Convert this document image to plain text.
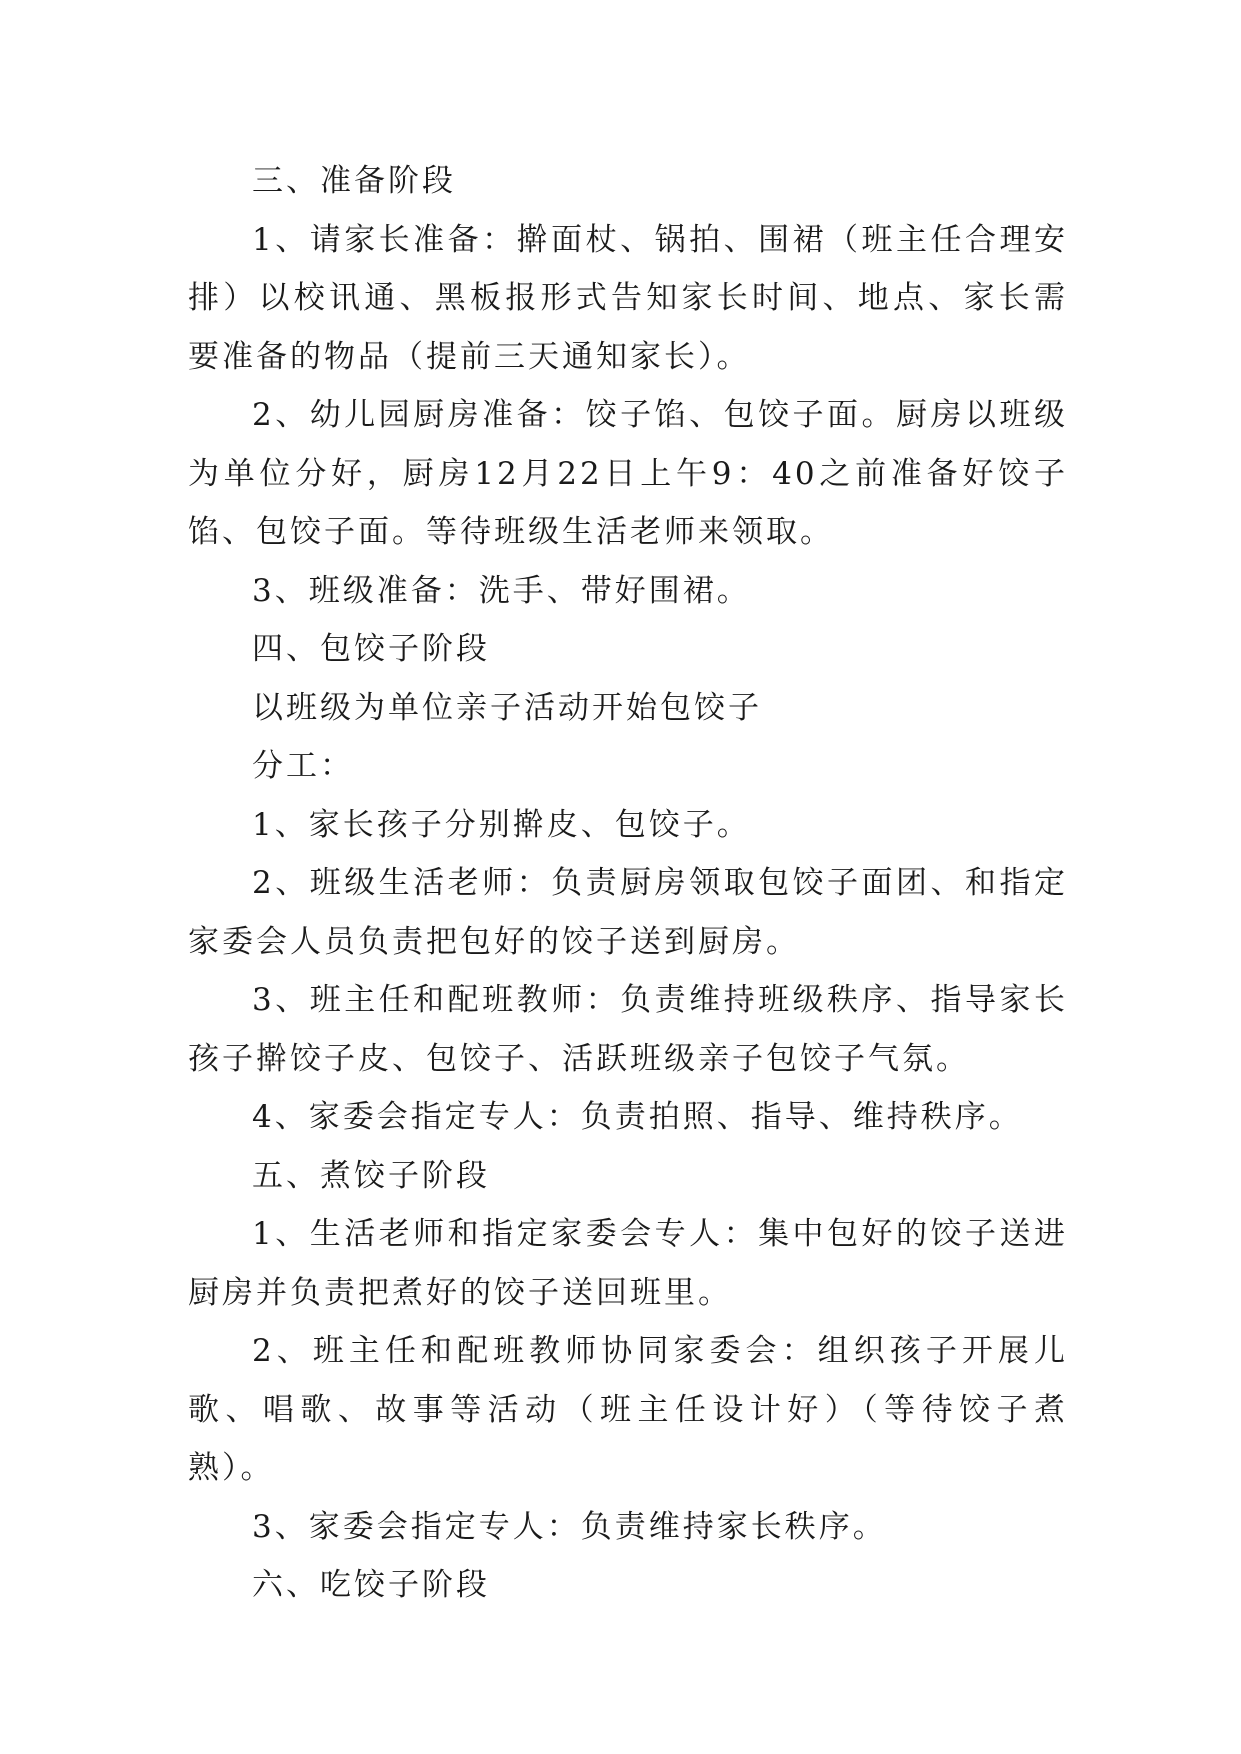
三、准备阶段

1、请家长准备：擀面杖、锅拍、围裙（班主任合理安排）以校讯通、黑板报形式告知家长时间、地点、家长需要准备的物品（提前三天通知家长）。

2、幼儿园厨房准备：饺子馅、包饺子面。厨房以班级为单位分好，厨房12月22日上午9：40之前准备好饺子馅、包饺子面。等待班级生活老师来领取。

3、班级准备：洗手、带好围裙。

四、包饺子阶段

以班级为单位亲子活动开始包饺子

分工：

1、家长孩子分别擀皮、包饺子。

2、班级生活老师：负责厨房领取包饺子面团、和指定家委会人员负责把包好的饺子送到厨房。

3、班主任和配班教师：负责维持班级秩序、指导家长孩子擀饺子皮、包饺子、活跃班级亲子包饺子气氛。

4、家委会指定专人：负责拍照、指导、维持秩序。

五、煮饺子阶段

1、生活老师和指定家委会专人：集中包好的饺子送进厨房并负责把煮好的饺子送回班里。

2、班主任和配班教师协同家委会：组织孩子开展儿歌、唱歌、故事等活动（班主任设计好）（等待饺子煮熟）。

3、家委会指定专人：负责维持家长秩序。

六、吃饺子阶段
